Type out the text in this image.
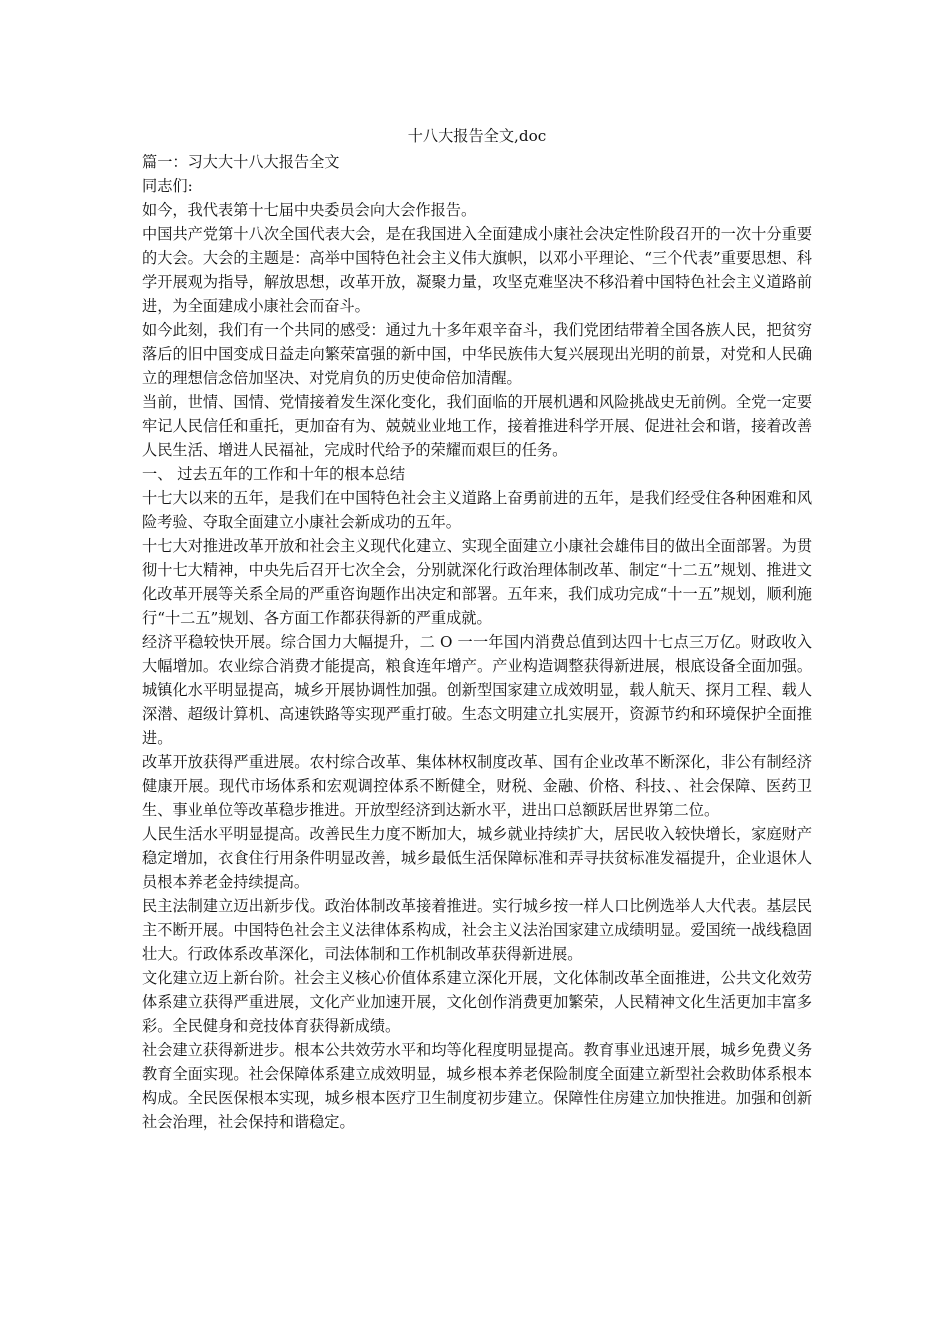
十八大报告全文,doc

篇一：习大大十八大报告全文

同志们:

如今，我代表第十七届中央委员会向大会作报告。

中国共产党第十八次全国代表大会，是在我国进入全面建成小康社会决定性阶段召开的一次十分重要的大会。大会的主题是：高举中国特色社会主义伟大旗帜，以邓小平理论、“三个代表”重要思想、科学开展观为指导，解放思想，改革开放，凝聚力量，攻坚克难坚决不移沿着中国特色社会主义道路前进，为全面建成小康社会而奋斗。

如今此刻，我们有一个共同的感受：通过九十多年艰辛奋斗，我们党团结带着全国各族人民，把贫穷落后的旧中国变成日益走向繁荣富强的新中国，中华民族伟大复兴展现出光明的前景，对党和人民确立的理想信念倍加坚决、对党肩负的历史使命倍加清醒。

当前，世情、国情、党情接着发生深化变化，我们面临的开展机遇和风险挑战史无前例。全党一定要牢记人民信任和重托，更加奋有为、兢兢业业地工作，接着推进科学开展、促进社会和谐，接着改善人民生活、增进人民福祉，完成时代给予的荣耀而艰巨的任务。

一、 过去五年的工作和十年的根本总结

十七大以来的五年，是我们在中国特色社会主义道路上奋勇前进的五年，是我们经受住各种困难和风险考验、夺取全面建立小康社会新成功的五年。

十七大对推进改革开放和社会主义现代化建立、实现全面建立小康社会雄伟目的做出全面部署。为贯彻十七大精神，中央先后召开七次全会，分别就深化行政治理体制改革、制定“十二五”规划、推进文化改革开展等关系全局的严重咨询题作出决定和部署。五年来，我们成功完成“十一五”规划，顺利施行“十二五”规划、各方面工作都获得新的严重成就。

经济平稳较快开展。综合国力大幅提升，二 O 一一年国内消费总值到达四十七点三万亿。财政收入大幅增加。农业综合消费才能提高，粮食连年增产。产业构造调整获得新进展，根底设备全面加强。城镇化水平明显提高，城乡开展协调性加强。创新型国家建立成效明显，载人航天、探月工程、载人深潜、超级计算机、高速铁路等实现严重打破。生态文明建立扎实展开，资源节约和环境保护全面推进。

改革开放获得严重进展。农村综合改革、集体林权制度改革、国有企业改革不断深化，非公有制经济健康开展。现代市场体系和宏观调控体系不断健全，财税、金融、价格、科技、、社会保障、医药卫生、事业单位等改革稳步推进。开放型经济到达新水平，进出口总额跃居世界第二位。

人民生活水平明显提高。改善民生力度不断加大，城乡就业持续扩大，居民收入较快增长，家庭财产稳定增加，衣食住行用条件明显改善，城乡最低生活保障标准和弄寻扶贫标准发福提升，企业退休人员根本养老金持续提高。

民主法制建立迈出新步伐。政治体制改革接着推进。实行城乡按一样人口比例选举人大代表。基层民主不断开展。中国特色社会主义法律体系构成，社会主义法治国家建立成绩明显。爱国统一战线稳固壮大。行政体系改革深化，司法体制和工作机制改革获得新进展。

文化建立迈上新台阶。社会主义核心价值体系建立深化开展，文化体制改革全面推进，公共文化效劳体系建立获得严重进展，文化产业加速开展，文化创作消费更加繁荣，人民精神文化生活更加丰富多彩。全民健身和竞技体育获得新成绩。

社会建立获得新进步。根本公共效劳水平和均等化程度明显提高。教育事业迅速开展，城乡免费义务教育全面实现。社会保障体系建立成效明显，城乡根本养老保险制度全面建立新型社会救助体系根本构成。全民医保根本实现，城乡根本医疗卫生制度初步建立。保障性住房建立加快推进。加强和创新社会治理，社会保持和谐稳定。
